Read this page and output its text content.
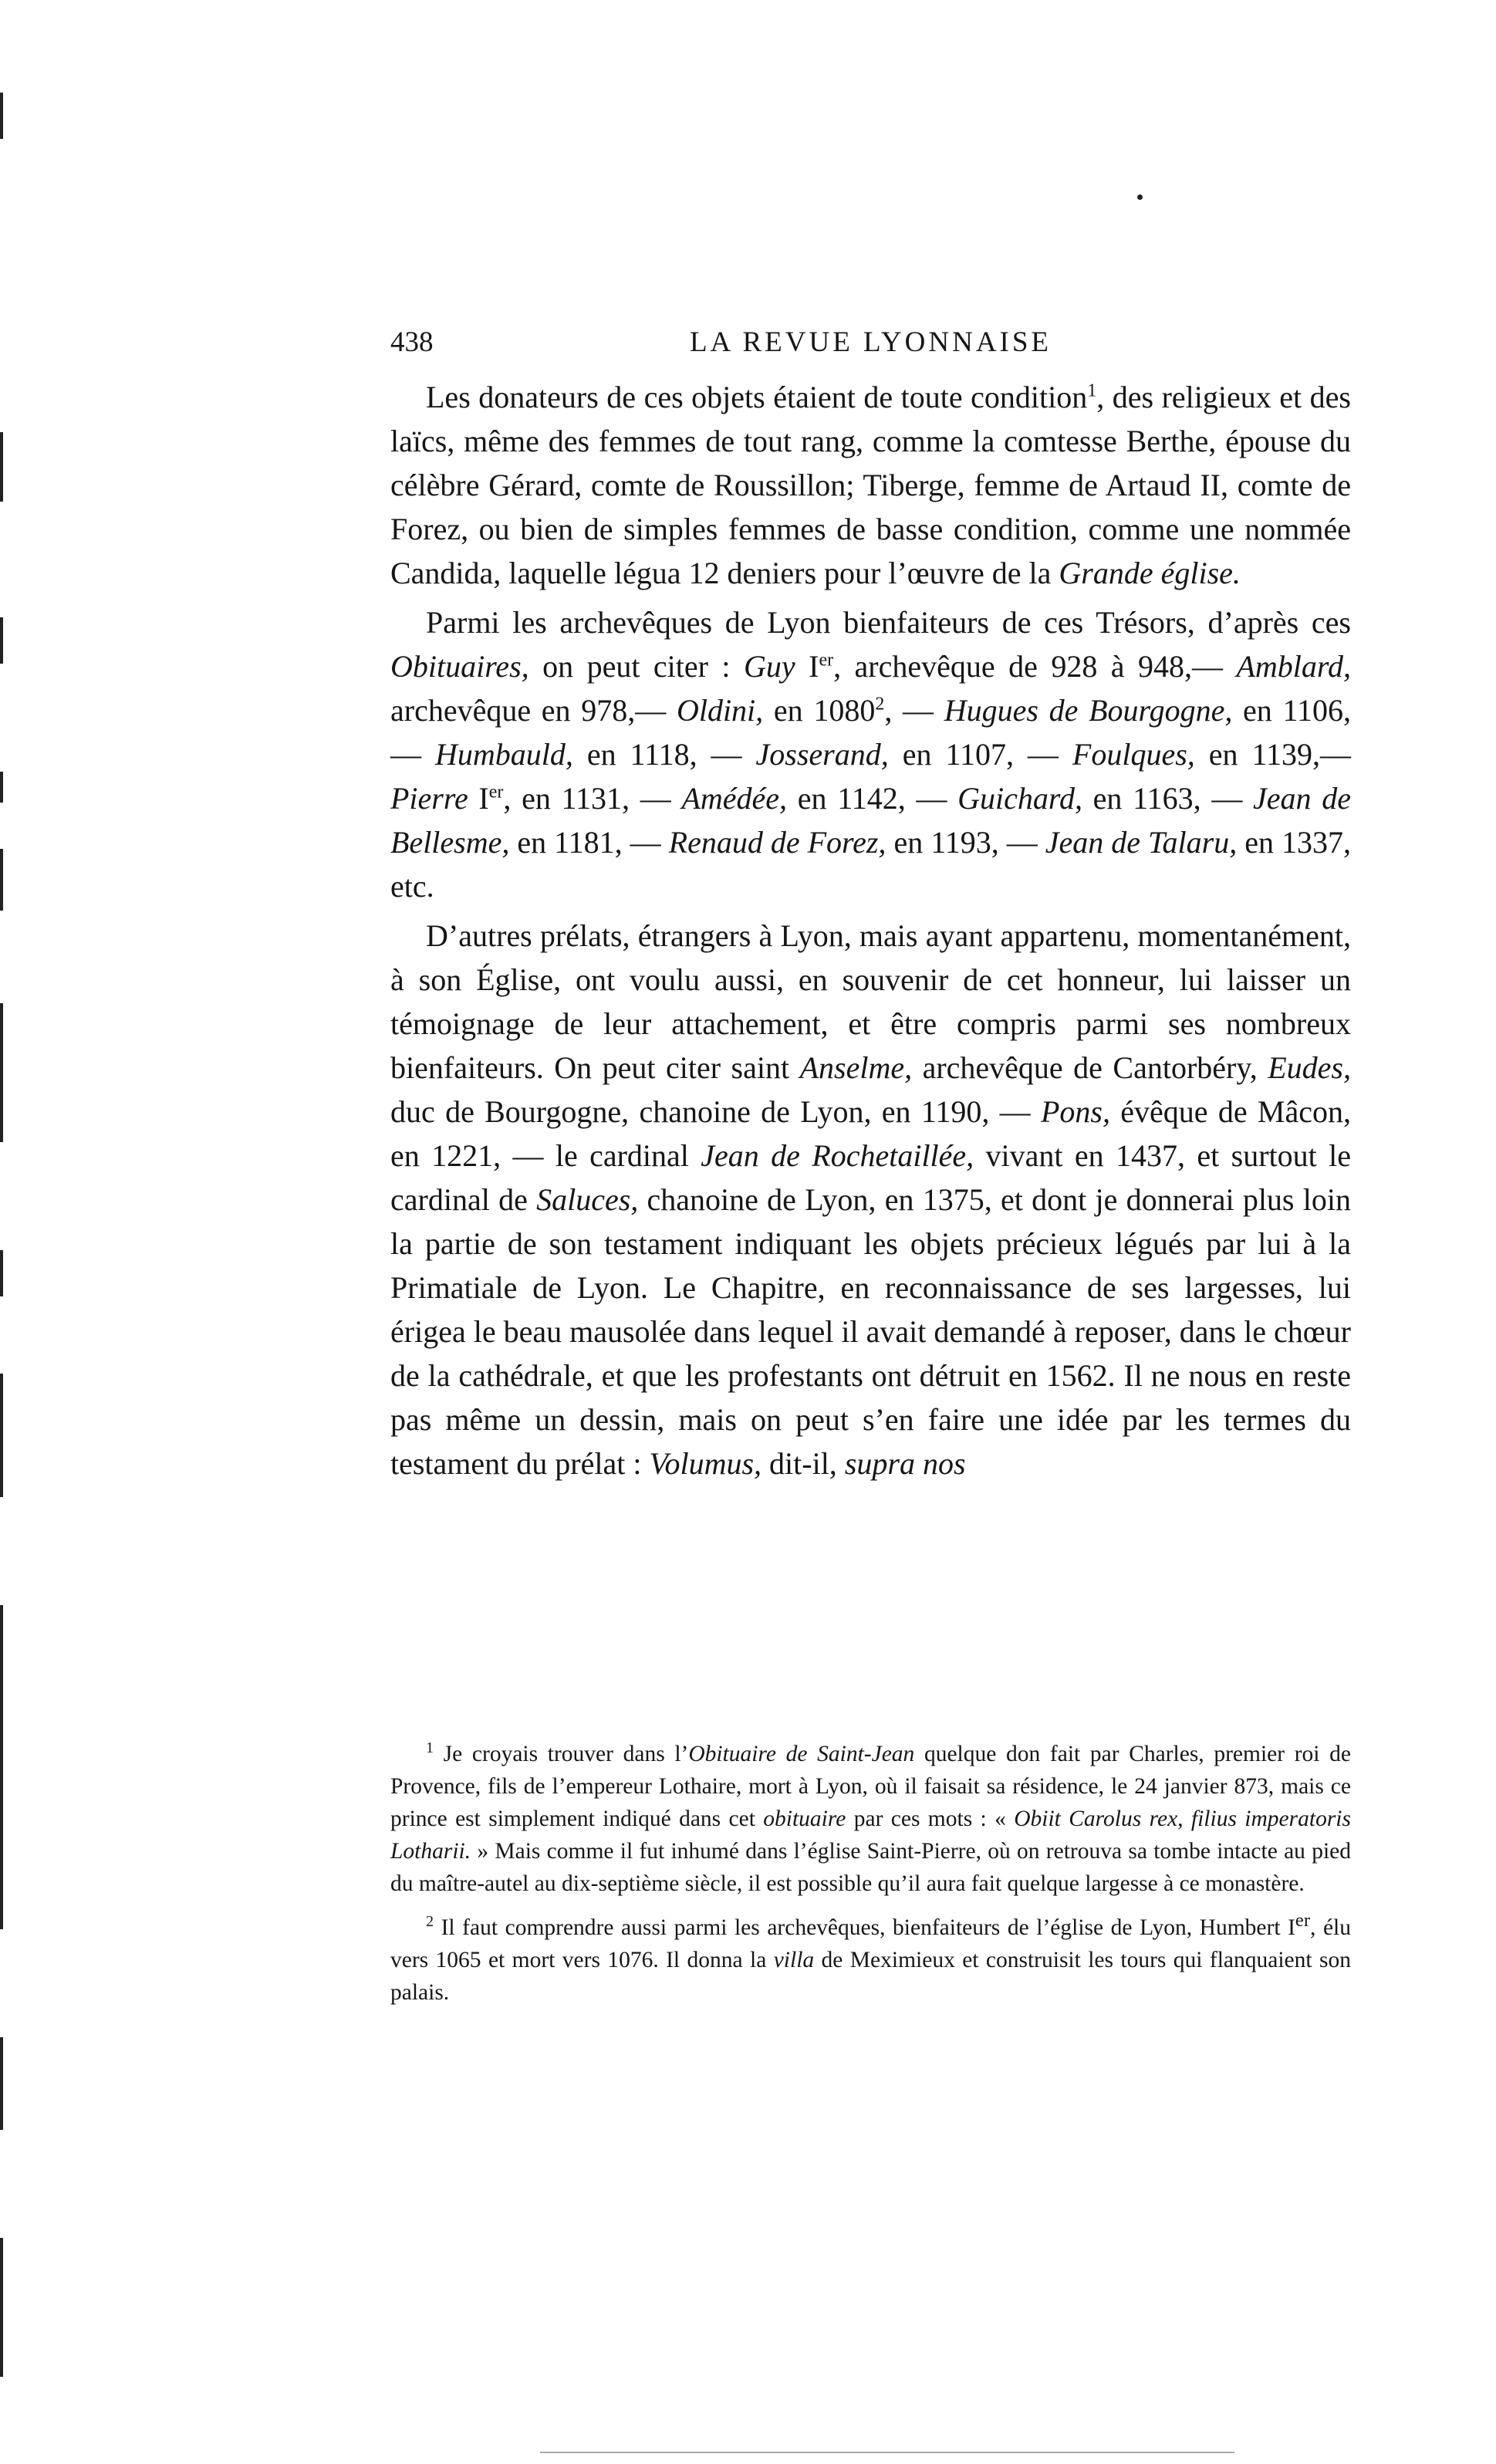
438	LA REVUE LYONNAISE

Les donateurs de ces objets étaient de toute condition$^1$, des religieux et des laïcs, même des femmes de tout rang, comme la comtesse Berthe, épouse du célèbre Gérard, comte de Roussillon; Tiberge, femme de Artaud II, comte de Forez, ou bien de simples femmes de basse condition, comme une nommée Candida, laquelle légua 12 deniers pour l’œuvre de la Grande église.

Parmi les archevêques de Lyon bienfaiteurs de ces Trésors, d’après ces Obituaires, on peut citer : Guy Ier, archevêque de 928 à 948,— Amblard, archevêque en 978,— Oldini, en 1080$^2$, — Hugues de Bourgogne, en 1106, — Humbauld, en 1118, — Josserand, en 1107, — Foulques, en 1139,— Pierre Ier, en 1131, — Amédée, en 1142, — Guichard, en 1163, — Jean de Bellesme, en 1181, — Renaud de Forez, en 1193, — Jean de Talaru, en 1337, etc.

D’autres prélats, étrangers à Lyon, mais ayant appartenu, momentanément, à son Église, ont voulu aussi, en souvenir de cet honneur, lui laisser un témoignage de leur attachement, et être compris parmi ses nombreux bienfaiteurs. On peut citer saint Anselme, archevêque de Cantorbéry, Eudes, duc de Bourgogne, chanoine de Lyon, en 1190, — Pons, évêque de Mâcon, en 1221, — le cardinal Jean de Rochetaillée, vivant en 1437, et surtout le cardinal de Saluces, chanoine de Lyon, en 1375, et dont je donnerai plus loin la partie de son testament indiquant les objets précieux légués par lui à la Primatiale de Lyon. Le Chapitre, en reconnaissance de ses largesses, lui érigea le beau mausolée dans lequel il avait demandé à reposer, dans le chœur de la cathédrale, et que les profestants ont détruit en 1562. Il ne nous en reste pas même un dessin, mais on peut s’en faire une idée par les termes du testament du prélat : Volumus, dit-il, supra nos

$^1$ Je croyais trouver dans l’Obituaire de Saint-Jean quelque don fait par Charles, premier roi de Provence, fils de l’empereur Lothaire, mort à Lyon, où il faisait sa résidence, le 24 janvier 873, mais ce prince est simplement indiqué dans cet obituaire par ces mots : « Obiit Carolus rex, filius imperatoris Lotharii. » Mais comme il fut inhumé dans l’église Saint-Pierre, où on retrouva sa tombe intacte au pied du maître-autel au dix-septième siècle, il est possible qu’il aura fait quelque largesse à ce monastère.

$^2$ Il faut comprendre aussi parmi les archevêques, bienfaiteurs de l’église de Lyon, Humbert Ier, élu vers 1065 et mort vers 1076. Il donna la villa de Meximieux et construisit les tours qui flanquaient son palais.
